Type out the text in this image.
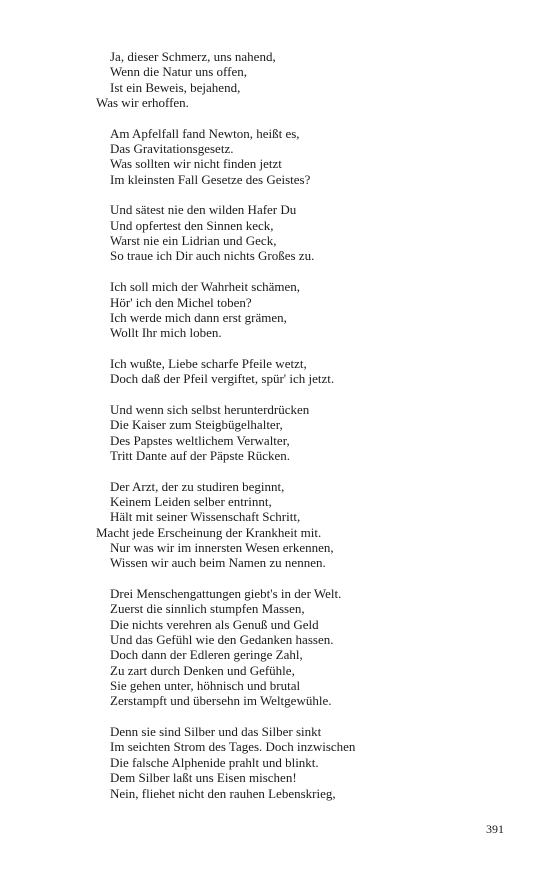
Ja, dieser Schmerz, uns nahend,
Wenn die Natur uns offen,
Ist ein Beweis, bejahend,
Was wir erhoffen.
Am Apfelfall fand Newton, heißt es,
Das Gravitationsgesetz.
Was sollten wir nicht finden jetzt
Im kleinsten Fall Gesetze des Geistes?
Und sätest nie den wilden Hafer Du
Und opfertest den Sinnen keck,
Warst nie ein Lidrian und Geck,
So traue ich Dir auch nichts Großes zu.
Ich soll mich der Wahrheit schämen,
Hör' ich den Michel toben?
Ich werde mich dann erst grämen,
Wollt Ihr mich loben.
Ich wußte, Liebe scharfe Pfeile wetzt,
Doch daß der Pfeil vergiftet, spür' ich jetzt.
Und wenn sich selbst herunterdrücken
Die Kaiser zum Steigbügelhalter,
Des Papstes weltlichem Verwalter,
Tritt Dante auf der Päpste Rücken.
Der Arzt, der zu studiren beginnt,
Keinem Leiden selber entrinnt,
Hält mit seiner Wissenschaft Schritt,
Macht jede Erscheinung der Krankheit mit.
Nur was wir im innersten Wesen erkennen,
Wissen wir auch beim Namen zu nennen.
Drei Menschengattungen giebt's in der Welt.
Zuerst die sinnlich stumpfen Massen,
Die nichts verehren als Genuß und Geld
Und das Gefühl wie den Gedanken hassen.
Doch dann der Edleren geringe Zahl,
Zu zart durch Denken und Gefühle,
Sie gehen unter, höhnisch und brutal
Zerstampft und übersehn im Weltgewühle.
Denn sie sind Silber und das Silber sinkt
Im seichten Strom des Tages. Doch inzwischen
Die falsche Alphenide prahlt und blinkt.
Dem Silber laßt uns Eisen mischen!
Nein, fliehet nicht den rauhen Lebenskrieg,
391
